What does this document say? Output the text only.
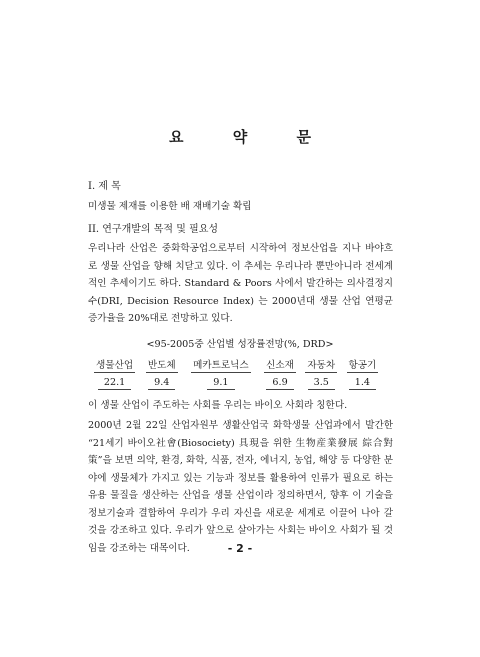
요 약 문
I. 제 목
미생물 제재를 이용한 배 재배기술 확립
II. 연구개발의 목적 및 필요성
우리나라 산업은 중화학공업으로부터 시작하여 정보산업을 지나 바야흐로 생물 산업을 향해 치닫고 있다. 이 추세는 우리나라 뿐만아니라 전세계적인 추세이기도 하다. Standard & Poors 사에서 발간하는 의사결정지수(DRI, Decision Resource Index) 는 2000년대 생물 산업 연평균 증가율을 20%대로 전망하고 있다.
<95-2005중 산업별 성장률전망(%, DRD>
생물산업	반도체	메카트로닉스	신소재	자동차	항공기
22.1	9.4	9.1	6.9	3.5	1.4
이 생물 산업이 주도하는 사회를 우리는 바이오 사회라 칭한다.
2000년 2월 22일 산업자원부 생활산업국 화학생물 산업과에서 발간한 “21세기 바이오社會(Biosociety) 具現을 위한 生物産業發展 綜合對策”을 보면 의약, 환경, 화학, 식품, 전자, 에너지, 농업, 해양 등 다양한 분야에 생물체가 가지고 있는 기능과 정보를 활용하여 인류가 필요로 하는 유용 물질을 생산하는 산업을 생물 산업이라 정의하면서, 향후 이 기술을 정보기술과 결합하여 우리가 우리 자신을 새로운 세계로 이끌어 나아 갈 것을 강조하고 있다. 우리가 앞으로 살아가는 사회는 바이오 사회가 될 것임을 강조하는 대목이다.	- 2 -
